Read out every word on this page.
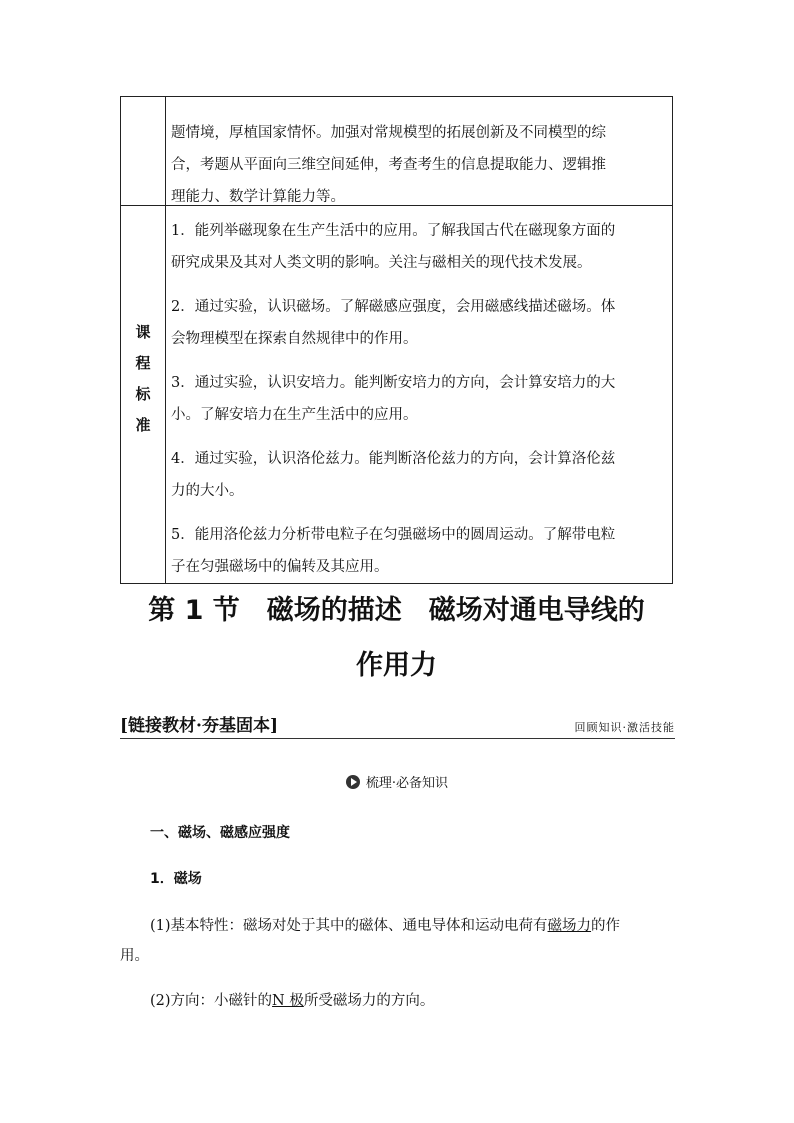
题情境，厚植国家情怀。加强对常规模型的拓展创新及不同模型的综
合，考题从平面向三维空间延伸，考查考生的信息提取能力、逻辑推
理能力、数学计算能力等。
课
程
标
准

1．能列举磁现象在生产生活中的应用。了解我国古代在磁现象方面的
研究成果及其对人类文明的影响。关注与磁相关的现代技术发展。

2．通过实验，认识磁场。了解磁感应强度，会用磁感线描述磁场。体
会物理模型在探索自然规律中的作用。

3．通过实验，认识安培力。能判断安培力的方向，会计算安培力的大
小。了解安培力在生产生活中的应用。

4．通过实验，认识洛伦兹力。能判断洛伦兹力的方向，会计算洛伦兹
力的大小。

5．能用洛伦兹力分析带电粒子在匀强磁场中的圆周运动。了解带电粒
子在匀强磁场中的偏转及其应用。

第 1 节　磁场的描述　磁场对通电导线的
作用力
[链接教材·夯基固本]	回顾知识·激活技能
梳理·必备知识
一、磁场、磁感应强度
1．磁场
(1)基本特性：磁场对处于其中的磁体、通电导体和运动电荷有磁场力的作
用。
(2)方向：小磁针的N 极所受磁场力的方向。
